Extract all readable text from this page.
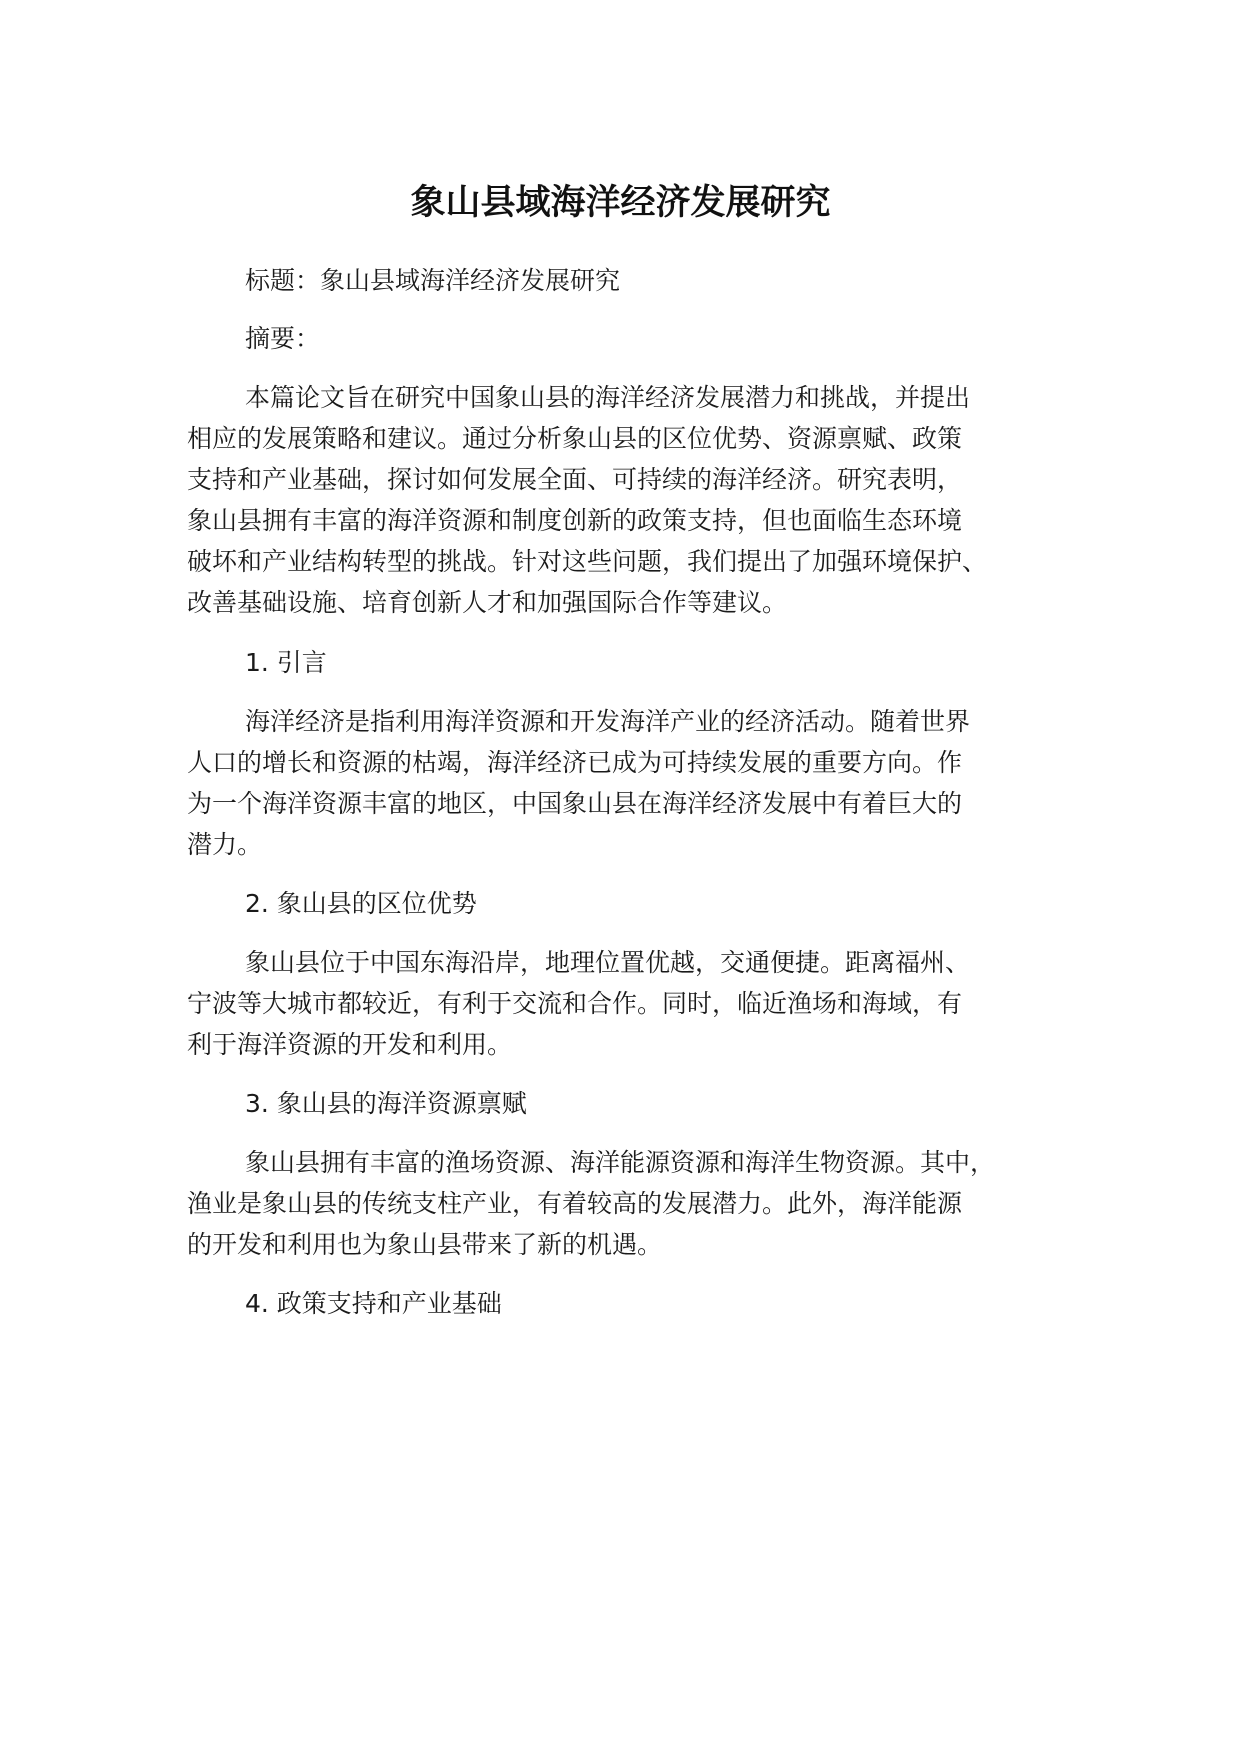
象山县域海洋经济发展研究

标题：象山县域海洋经济发展研究

摘要：

本篇论文旨在研究中国象山县的海洋经济发展潜力和挑战，并提出

相应的发展策略和建议。通过分析象山县的区位优势、资源禀赋、政策

支持和产业基础，探讨如何发展全面、可持续的海洋经济。研究表明，

象山县拥有丰富的海洋资源和制度创新的政策支持，但也面临生态环境

破坏和产业结构转型的挑战。针对这些问题，我们提出了加强环境保护、

改善基础设施、培育创新人才和加强国际合作等建议。

1. 引言

海洋经济是指利用海洋资源和开发海洋产业的经济活动。随着世界

人口的增长和资源的枯竭，海洋经济已成为可持续发展的重要方向。作

为一个海洋资源丰富的地区，中国象山县在海洋经济发展中有着巨大的

潜力。

2. 象山县的区位优势

象山县位于中国东海沿岸，地理位置优越，交通便捷。距离福州、

宁波等大城市都较近，有利于交流和合作。同时，临近渔场和海域，有

利于海洋资源的开发和利用。

3. 象山县的海洋资源禀赋

象山县拥有丰富的渔场资源、海洋能源资源和海洋生物资源。其中，

渔业是象山县的传统支柱产业，有着较高的发展潜力。此外，海洋能源

的开发和利用也为象山县带来了新的机遇。

4. 政策支持和产业基础
